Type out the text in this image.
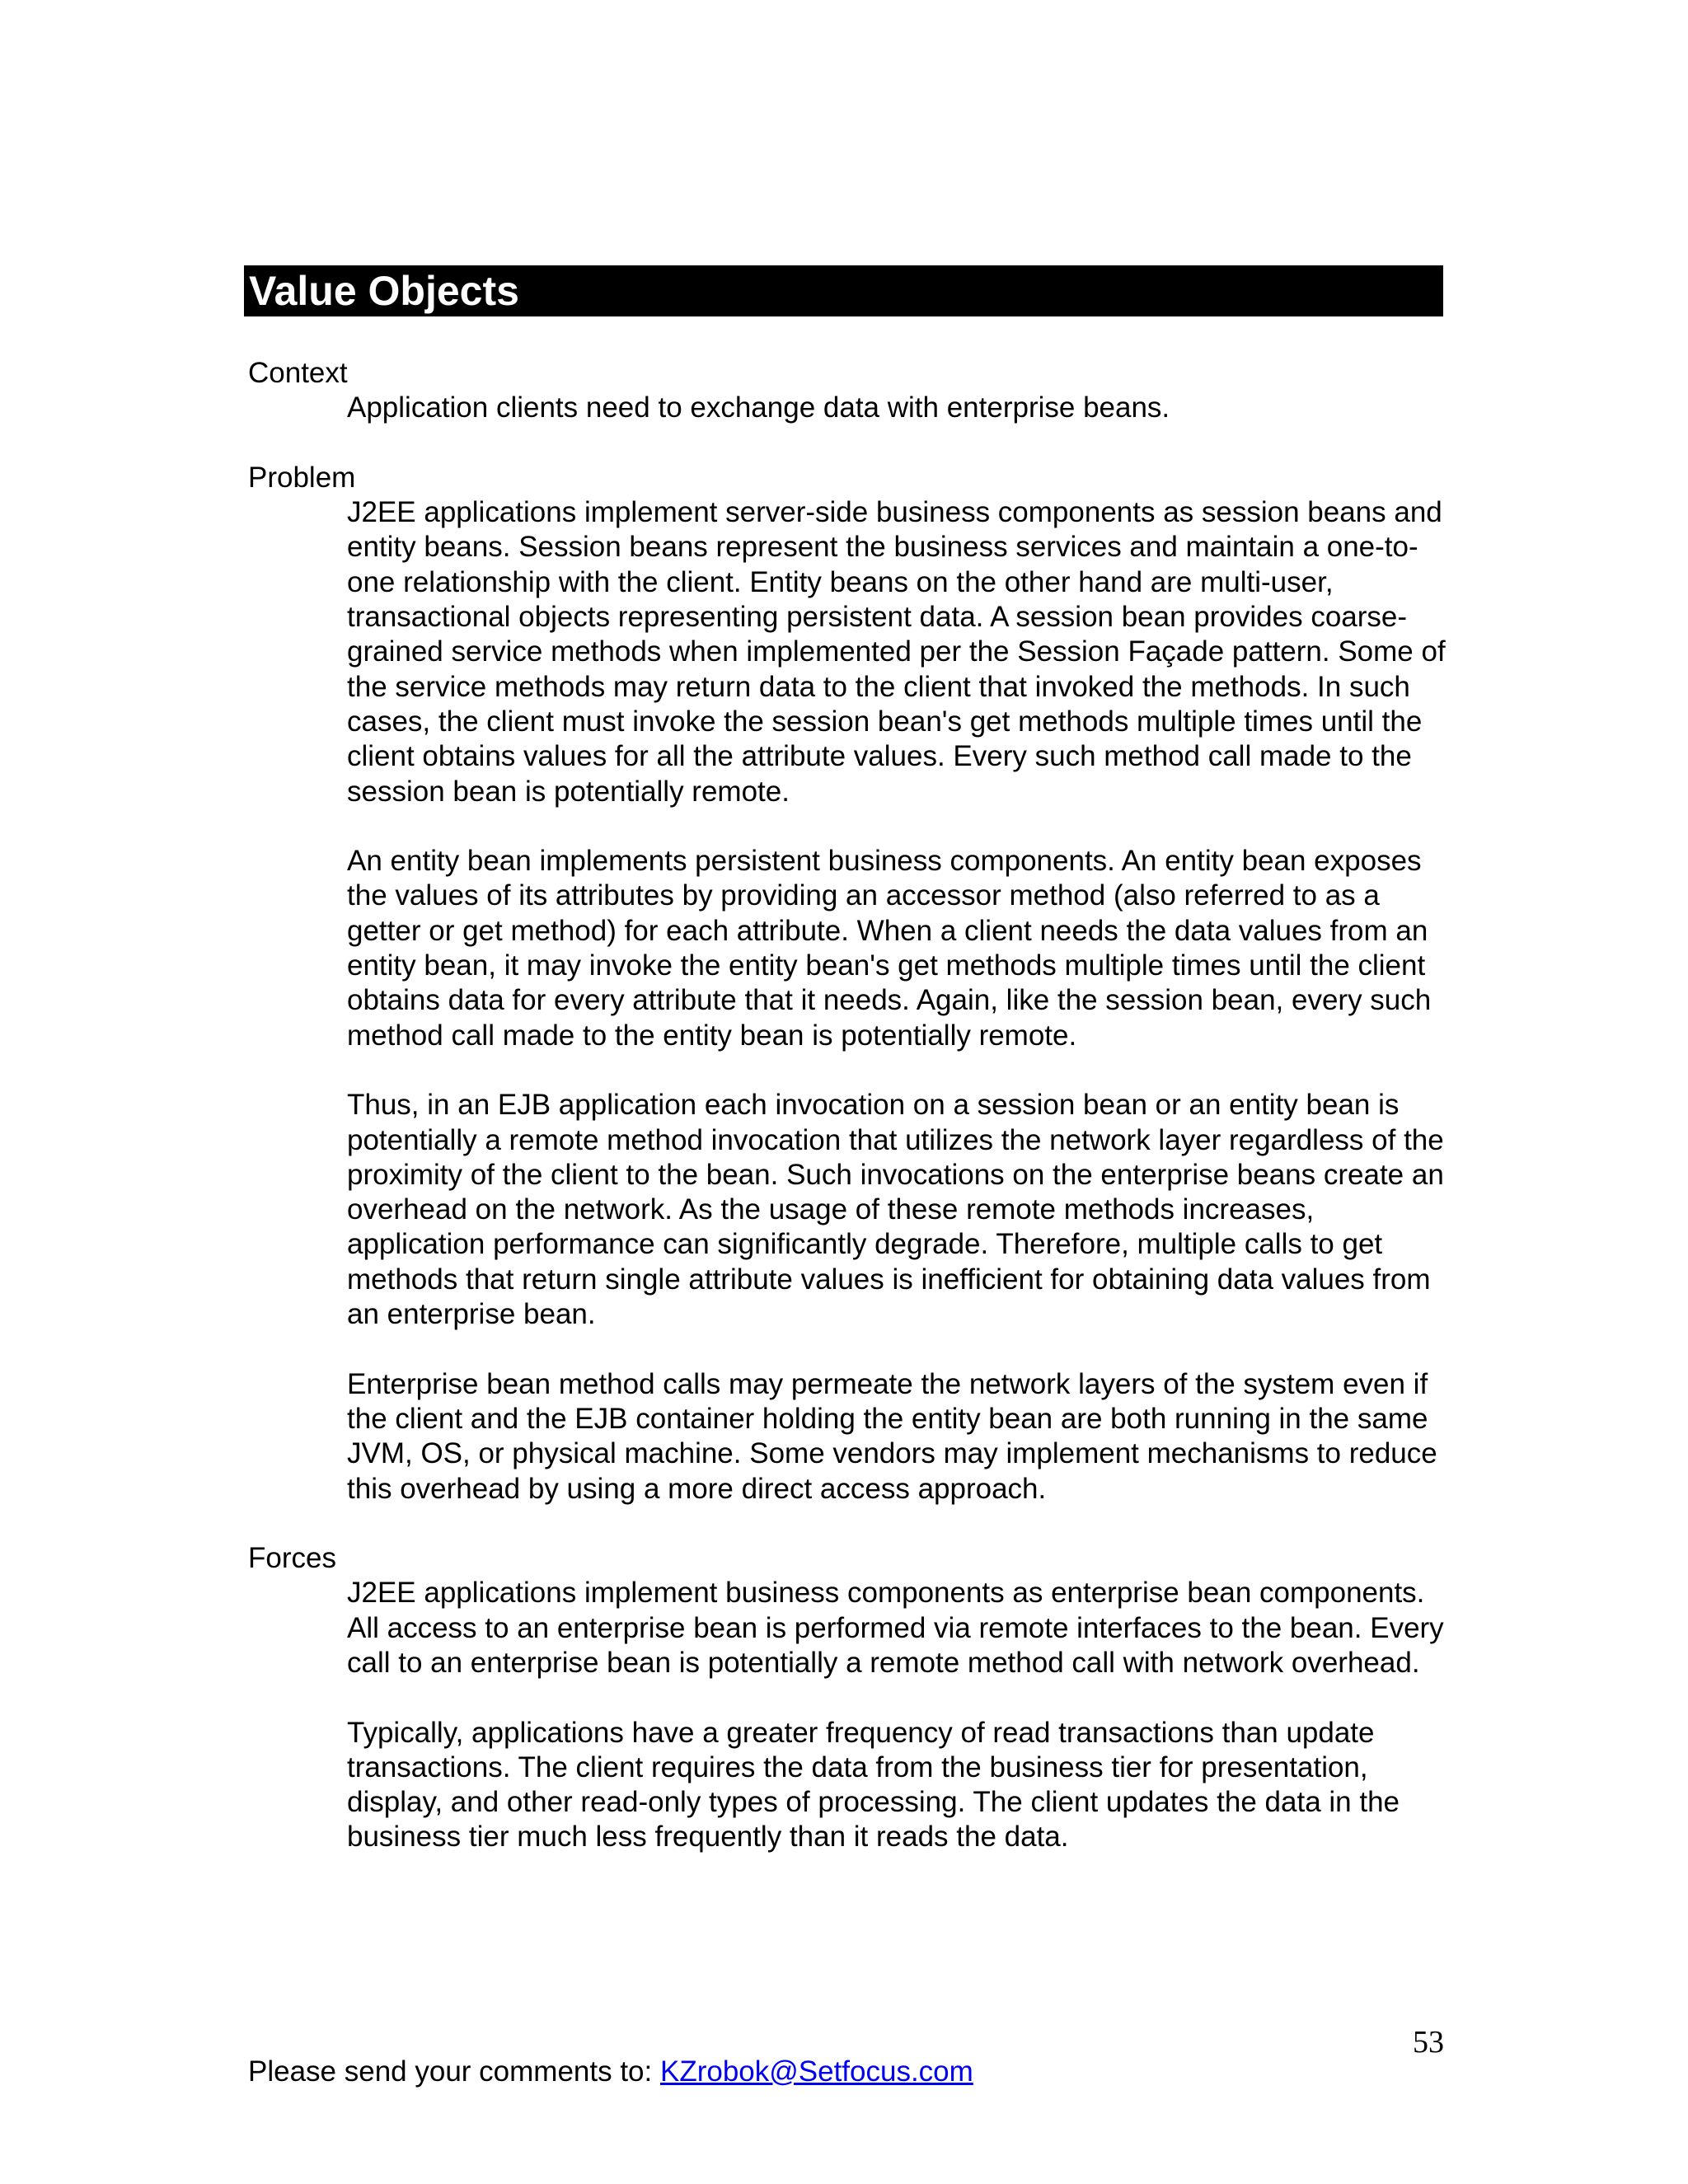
Value Objects
Context

Application clients need to exchange data with enterprise beans.

Problem

J2EE applications implement server-side business components as session beans and entity beans. Session beans represent the business services and maintain a one-to-one relationship with the client. Entity beans on the other hand are multi-user, transactional objects representing persistent data. A session bean provides coarse-grained service methods when implemented per the Session Façade pattern. Some of the service methods may return data to the client that invoked the methods. In such cases, the client must invoke the session bean's get methods multiple times until the client obtains values for all the attribute values. Every such method call made to the session bean is potentially remote.

An entity bean implements persistent business components. An entity bean exposes the values of its attributes by providing an accessor method (also referred to as a getter or get method) for each attribute. When a client needs the data values from an entity bean, it may invoke the entity bean's get methods multiple times until the client obtains data for every attribute that it needs. Again, like the session bean, every such method call made to the entity bean is potentially remote.

Thus, in an EJB application each invocation on a session bean or an entity bean is potentially a remote method invocation that utilizes the network layer regardless of the proximity of the client to the bean. Such invocations on the enterprise beans create an overhead on the network. As the usage of these remote methods increases, application performance can significantly degrade. Therefore, multiple calls to get methods that return single attribute values is inefficient for obtaining data values from an enterprise bean.

Enterprise bean method calls may permeate the network layers of the system even if the client and the EJB container holding the entity bean are both running in the same JVM, OS, or physical machine. Some vendors may implement mechanisms to reduce this overhead by using a more direct access approach.

Forces

J2EE applications implement business components as enterprise bean components. All access to an enterprise bean is performed via remote interfaces to the bean. Every call to an enterprise bean is potentially a remote method call with network overhead.

Typically, applications have a greater frequency of read transactions than update transactions. The client requires the data from the business tier for presentation, display, and other read-only types of processing. The client updates the data in the business tier much less frequently than it reads the data.

53
Please send your comments to: KZrobok@Setfocus.com
